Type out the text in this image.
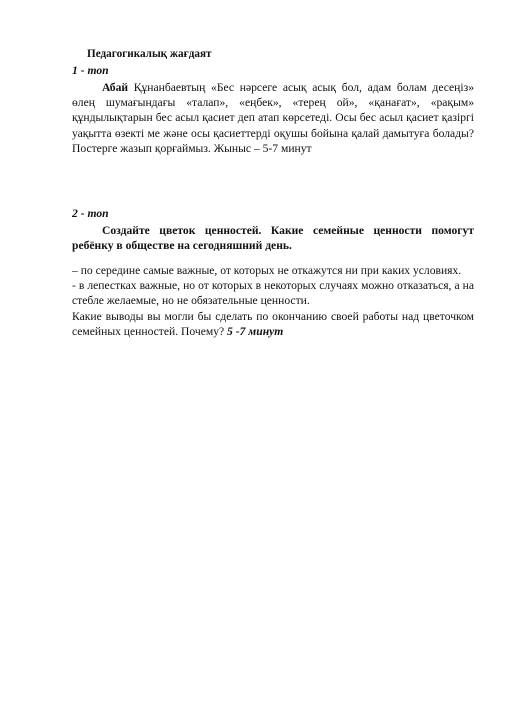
Педагогикалық жағдаят
1 - топ
Абай Құнанбаевтың «Бес нәрсеге асық асық бол, адам болам десеңіз» өлең шумағындағы «талап», «еңбек», «терең ой», «қанағат», «рақым» құндылықтарын бес асыл қасиет деп атап көрсетеді. Осы бес асыл қасиет қазіргі уақытта өзекті ме және осы қасиеттерді оқушы бойына қалай дамытуға болады? Постерге жазып қорғаймыз. Жыныс – 5-7 минут
2 - топ
Создайте цветок ценностей. Какие семейные ценности помогут ребёнку в обществе на сегодняшний день.

– по середине самые важные, от которых не откажутся ни при каких условиях.

- в лепестках важные, но от которых в некоторых случаях можно отказаться, а на стебле желаемые, но не обязательные ценности.

Какие выводы вы могли бы сделать по окончанию своей работы над цветочком семейных ценностей. Почему? 5 -7 минут
